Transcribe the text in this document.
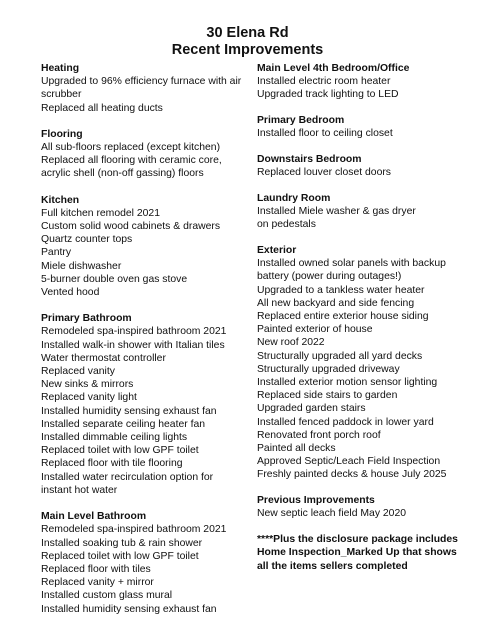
30 Elena Rd
Recent Improvements
Heating
Upgraded to 96% efficiency furnace with air
scrubber
Replaced all heating ducts
Flooring
All sub-floors replaced (except kitchen)
Replaced all flooring with ceramic core,
acrylic shell (non-off gassing) floors
Kitchen
Full kitchen remodel 2021
Custom solid wood cabinets & drawers
Quartz counter tops
Pantry
Miele dishwasher
5-burner double oven gas stove
Vented hood
Primary Bathroom
Remodeled spa-inspired bathroom 2021
Installed walk-in shower with Italian tiles
Water thermostat controller
Replaced vanity
New sinks & mirrors
Replaced vanity light
Installed humidity sensing exhaust fan
Installed separate ceiling heater fan
Installed dimmable ceiling lights
Replaced toilet with low GPF toilet
Replaced floor with tile flooring
Installed water recirculation option for
instant hot water
Main Level Bathroom
Remodeled spa-inspired bathroom 2021
Installed soaking tub & rain shower
Replaced toilet with low GPF toilet
Replaced floor with tiles
Replaced vanity + mirror
Installed custom glass mural
Installed humidity sensing exhaust fan
Main Level 4th Bedroom/Office
Installed electric room heater
Upgraded track lighting to LED
Primary Bedroom
Installed floor to ceiling closet
Downstairs Bedroom
Replaced louver closet doors
Laundry Room
Installed Miele washer & gas dryer
on pedestals
Exterior
Installed owned solar panels with backup
battery (power during outages!)
Upgraded to a tankless water heater
All new backyard and side fencing
Replaced entire exterior house siding
Painted exterior of house
New roof 2022
Structurally upgraded all yard decks
Structurally upgraded driveway
Installed exterior motion sensor lighting
Replaced side stairs to garden
Upgraded garden stairs
Installed fenced paddock in lower yard
Renovated front porch roof
Painted all decks
Approved Septic/Leach Field Inspection
Freshly painted decks & house July 2025
Previous Improvements
New septic leach field May 2020
****Plus the disclosure package includes
Home Inspection_Marked Up that shows
all the items sellers completed
